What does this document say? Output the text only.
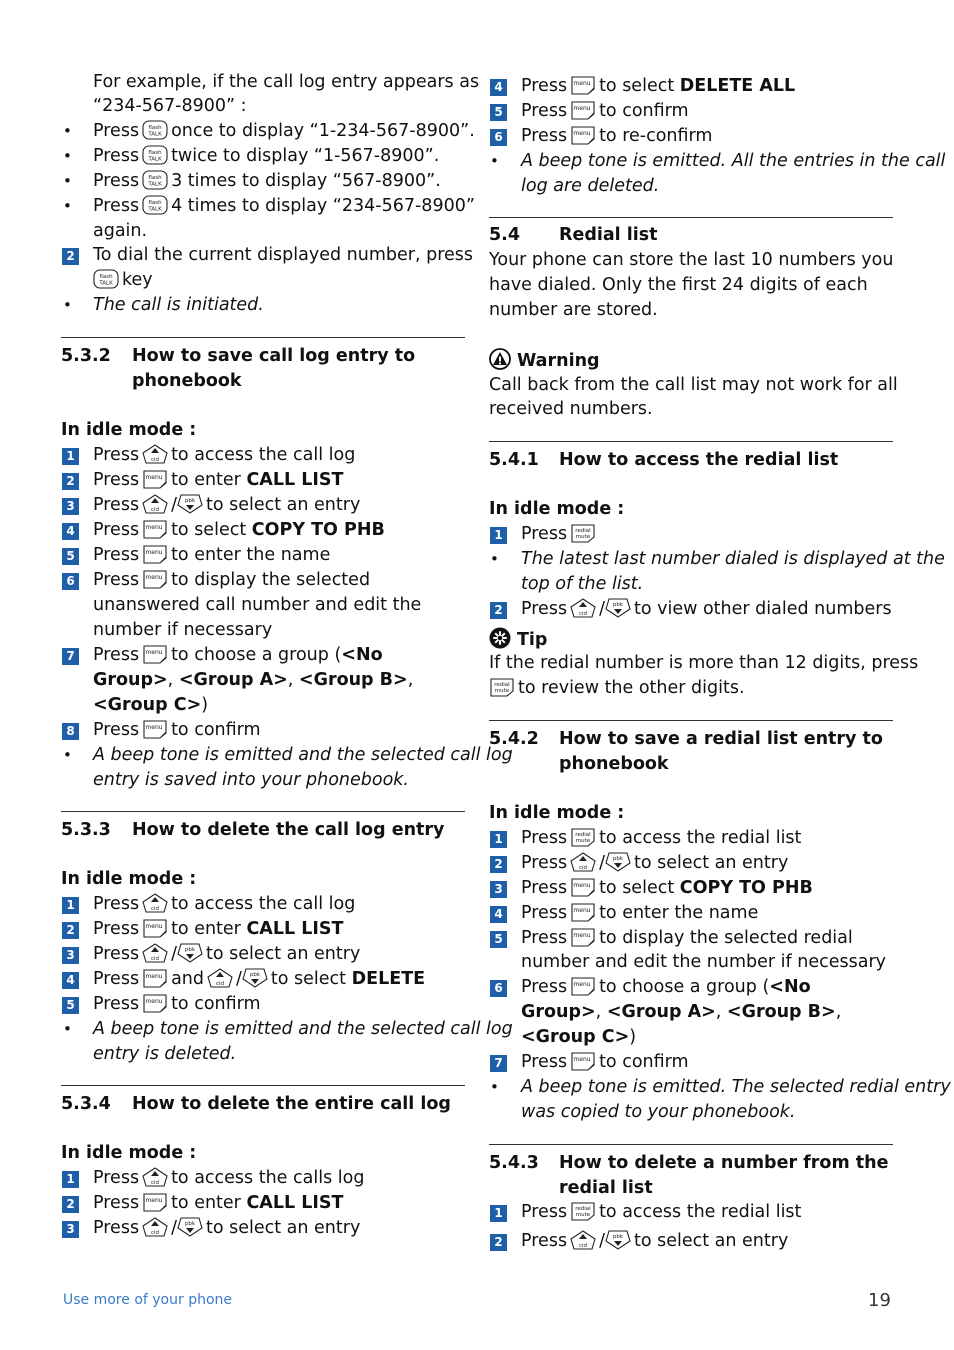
For example, if the call log entry appears as
“234-567-8900” :
• Press once to display “1-234-567-8900”.
• Press twice to display “1-567-8900”.
• Press 3 times to display “567-8900”.
• Press 4 times to display “234-567-8900”
again.
2 To dial the current displayed number, press
key
• The call is initiated.
5.3.2 How to save call log entry to
phonebook
In idle mode :
1 Press to access the call log
2 Press to enter CALL LIST
3 Press / to select an entry
4 Press to select COPY TO PHB
5 Press to enter the name
6 Press to display the selected
unanswered call number and edit the
number if necessary
7 Press to choose a group (<No
Group>, <Group A>, <Group B>,
<Group C>)
8 Press to confirm
• A beep tone is emitted and the selected call log
entry is saved into your phonebook.
5.3.3 How to delete the call log entry
In idle mode :
1 Press to access the call log
2 Press to enter CALL LIST
3 Press / to select an entry
4 Press and / to select DELETE
5 Press to confirm
• A beep tone is emitted and the selected call log
entry is deleted.
5.3.4 How to delete the entire call log
In idle mode :
1 Press to access the calls log
2 Press to enter CALL LIST
3 Press / to select an entry
4 Press to select DELETE ALL
5 Press to confirm
6 Press to re-confirm
• A beep tone is emitted. All the entries in the call
log are deleted.
5.4 Redial list
Your phone can store the last 10 numbers you
have dialed. Only the first 24 digits of each
number are stored.
Warning
Call back from the call list may not work for all
received numbers.
5.4.1 How to access the redial list
In idle mode :
1 Press
• The latest last number dialed is displayed at the
top of the list.
2 Press / to view other dialed numbers
Tip
If the redial number is more than 12 digits, press
to review the other digits.
5.4.2 How to save a redial list entry to
phonebook
In idle mode :
1 Press to access the redial list
2 Press / to select an entry
3 Press to select COPY TO PHB
4 Press to enter the name
5 Press to display the selected redial
number and edit the number if necessary
6 Press to choose a group (<No
Group>, <Group A>, <Group B>,
<Group C>)
7 Press to confirm
• A beep tone is emitted. The selected redial entry
was copied to your phonebook.
5.4.3 How to delete a number from the
redial list
1 Press to access the redial list
2 Press / to select an entry
Use more of your phone	19
